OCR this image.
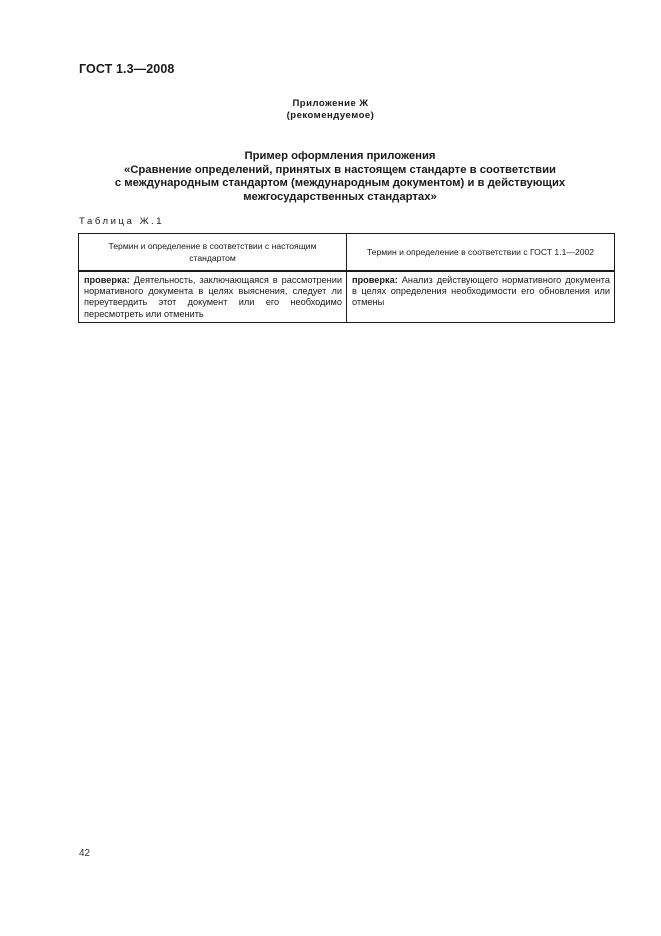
ГОСТ 1.3—2008
Приложение Ж
(рекомендуемое)
Пример оформления приложения
«Сравнение определений, принятых в настоящем стандарте в соответствии
с международным стандартом (международным документом) и в действующих
межгосударственных стандартах»
Таблица Ж.1
Термин и определение в соответствии с настоящим стандартом	Термин и определение в соответствии с ГОСТ 1.1—2002
проверка: Деятельность, заключающаяся в рассмотрении нормативного документа в целях выяснения, следует ли переутвердить этот документ или его необходимо пересмотреть или отменить	проверка: Анализ действующего нормативного документа в целях определения необходимости его обновления или отмены
42
